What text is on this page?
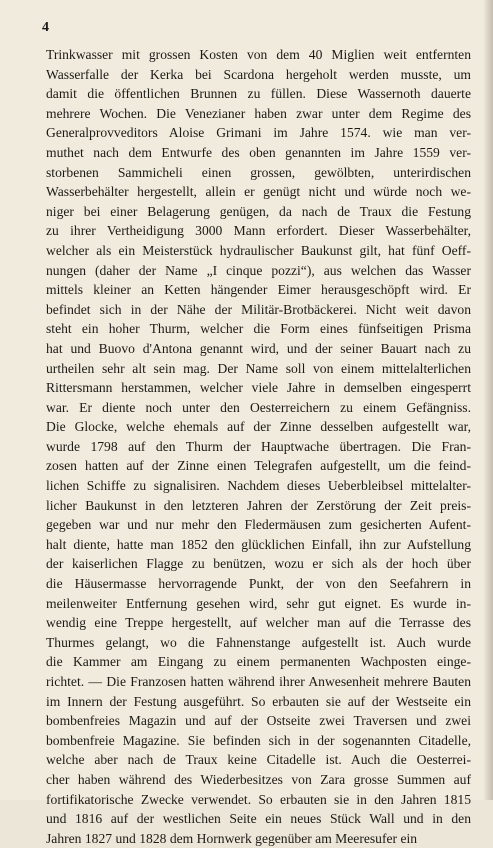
4
Trinkwasser mit grossen Kosten von dem 40 Miglien weit entfernten
Wasserfalle der Kerka bei Scardona hergeholt werden musste, um
damit die öffentlichen Brunnen zu füllen. Diese Wassernoth dauerte
mehrere Wochen. Die Venezianer haben zwar unter dem Regime des
Generalprovveditors Aloise Grimani im Jahre 1574. wie man ver-
muthet nach dem Entwurfe des oben genannten im Jahre 1559 ver-
storbenen Sammicheli einen grossen, gewölbten, unterirdischen
Wasserbehälter hergestellt, allein er genügt nicht und würde noch we-
niger bei einer Belagerung genügen, da nach de Traux die Festung
zu ihrer Vertheidigung 3000 Mann erfordert. Dieser Wasserbehälter,
welcher als ein Meisterstück hydraulischer Baukunst gilt, hat fünf Oeff-
nungen (daher der Name „I cinque pozzi“), aus welchen das Wasser
mittels kleiner an Ketten hängender Eimer herausgeschöpft wird. Er
befindet sich in der Nähe der Militär-Brotbäckerei. Nicht weit davon
steht ein hoher Thurm, welcher die Form eines fünfseitigen Prisma
hat und Buovo d'Antona genannt wird, und der seiner Bauart nach zu
urtheilen sehr alt sein mag. Der Name soll von einem mittelalterlichen
Rittersmann herstammen, welcher viele Jahre in demselben eingesperrt
war. Er diente noch unter den Oesterreichern zu einem Gefängniss.
Die Glocke, welche ehemals auf der Zinne desselben aufgestellt war,
wurde 1798 auf den Thurm der Hauptwache übertragen. Die Fran-
zosen hatten auf der Zinne einen Telegrafen aufgestellt, um die feind-
lichen Schiffe zu signalisiren. Nachdem dieses Ueberbleibsel mittelalter-
licher Baukunst in den letzteren Jahren der Zerstörung der Zeit preis-
gegeben war und nur mehr den Fledermäusen zum gesicherten Aufent-
halt diente, hatte man 1852 den glücklichen Einfall, ihn zur Aufstellung
der kaiserlichen Flagge zu benützen, wozu er sich als der hoch über
die Häusermasse hervorragende Punkt, der von den Seefahrern in
meilenweiter Entfernung gesehen wird, sehr gut eignet. Es wurde in-
wendig eine Treppe hergestellt, auf welcher man auf die Terrasse des
Thurmes gelangt, wo die Fahnenstange aufgestellt ist. Auch wurde
die Kammer am Eingang zu einem permanenten Wachposten einge-
richtet. — Die Franzosen hatten während ihrer Anwesenheit mehrere Bauten
im Innern der Festung ausgeführt. So erbauten sie auf der Westseite ein
bombenfreies Magazin und auf der Ostseite zwei Traversen und zwei
bombenfreie Magazine. Sie befinden sich in der sogenannten Citadelle,
welche aber nach de Traux keine Citadelle ist. Auch die Oesterrei-
cher haben während des Wiederbesitzes von Zara grosse Summen auf
fortifikatorische Zwecke verwendet. So erbauten sie in den Jahren 1815
und 1816 auf der westlichen Seite ein neues Stück Wall und in den
Jahren 1827 und 1828 dem Hornwerk gegenüber am Meeresufer ein
